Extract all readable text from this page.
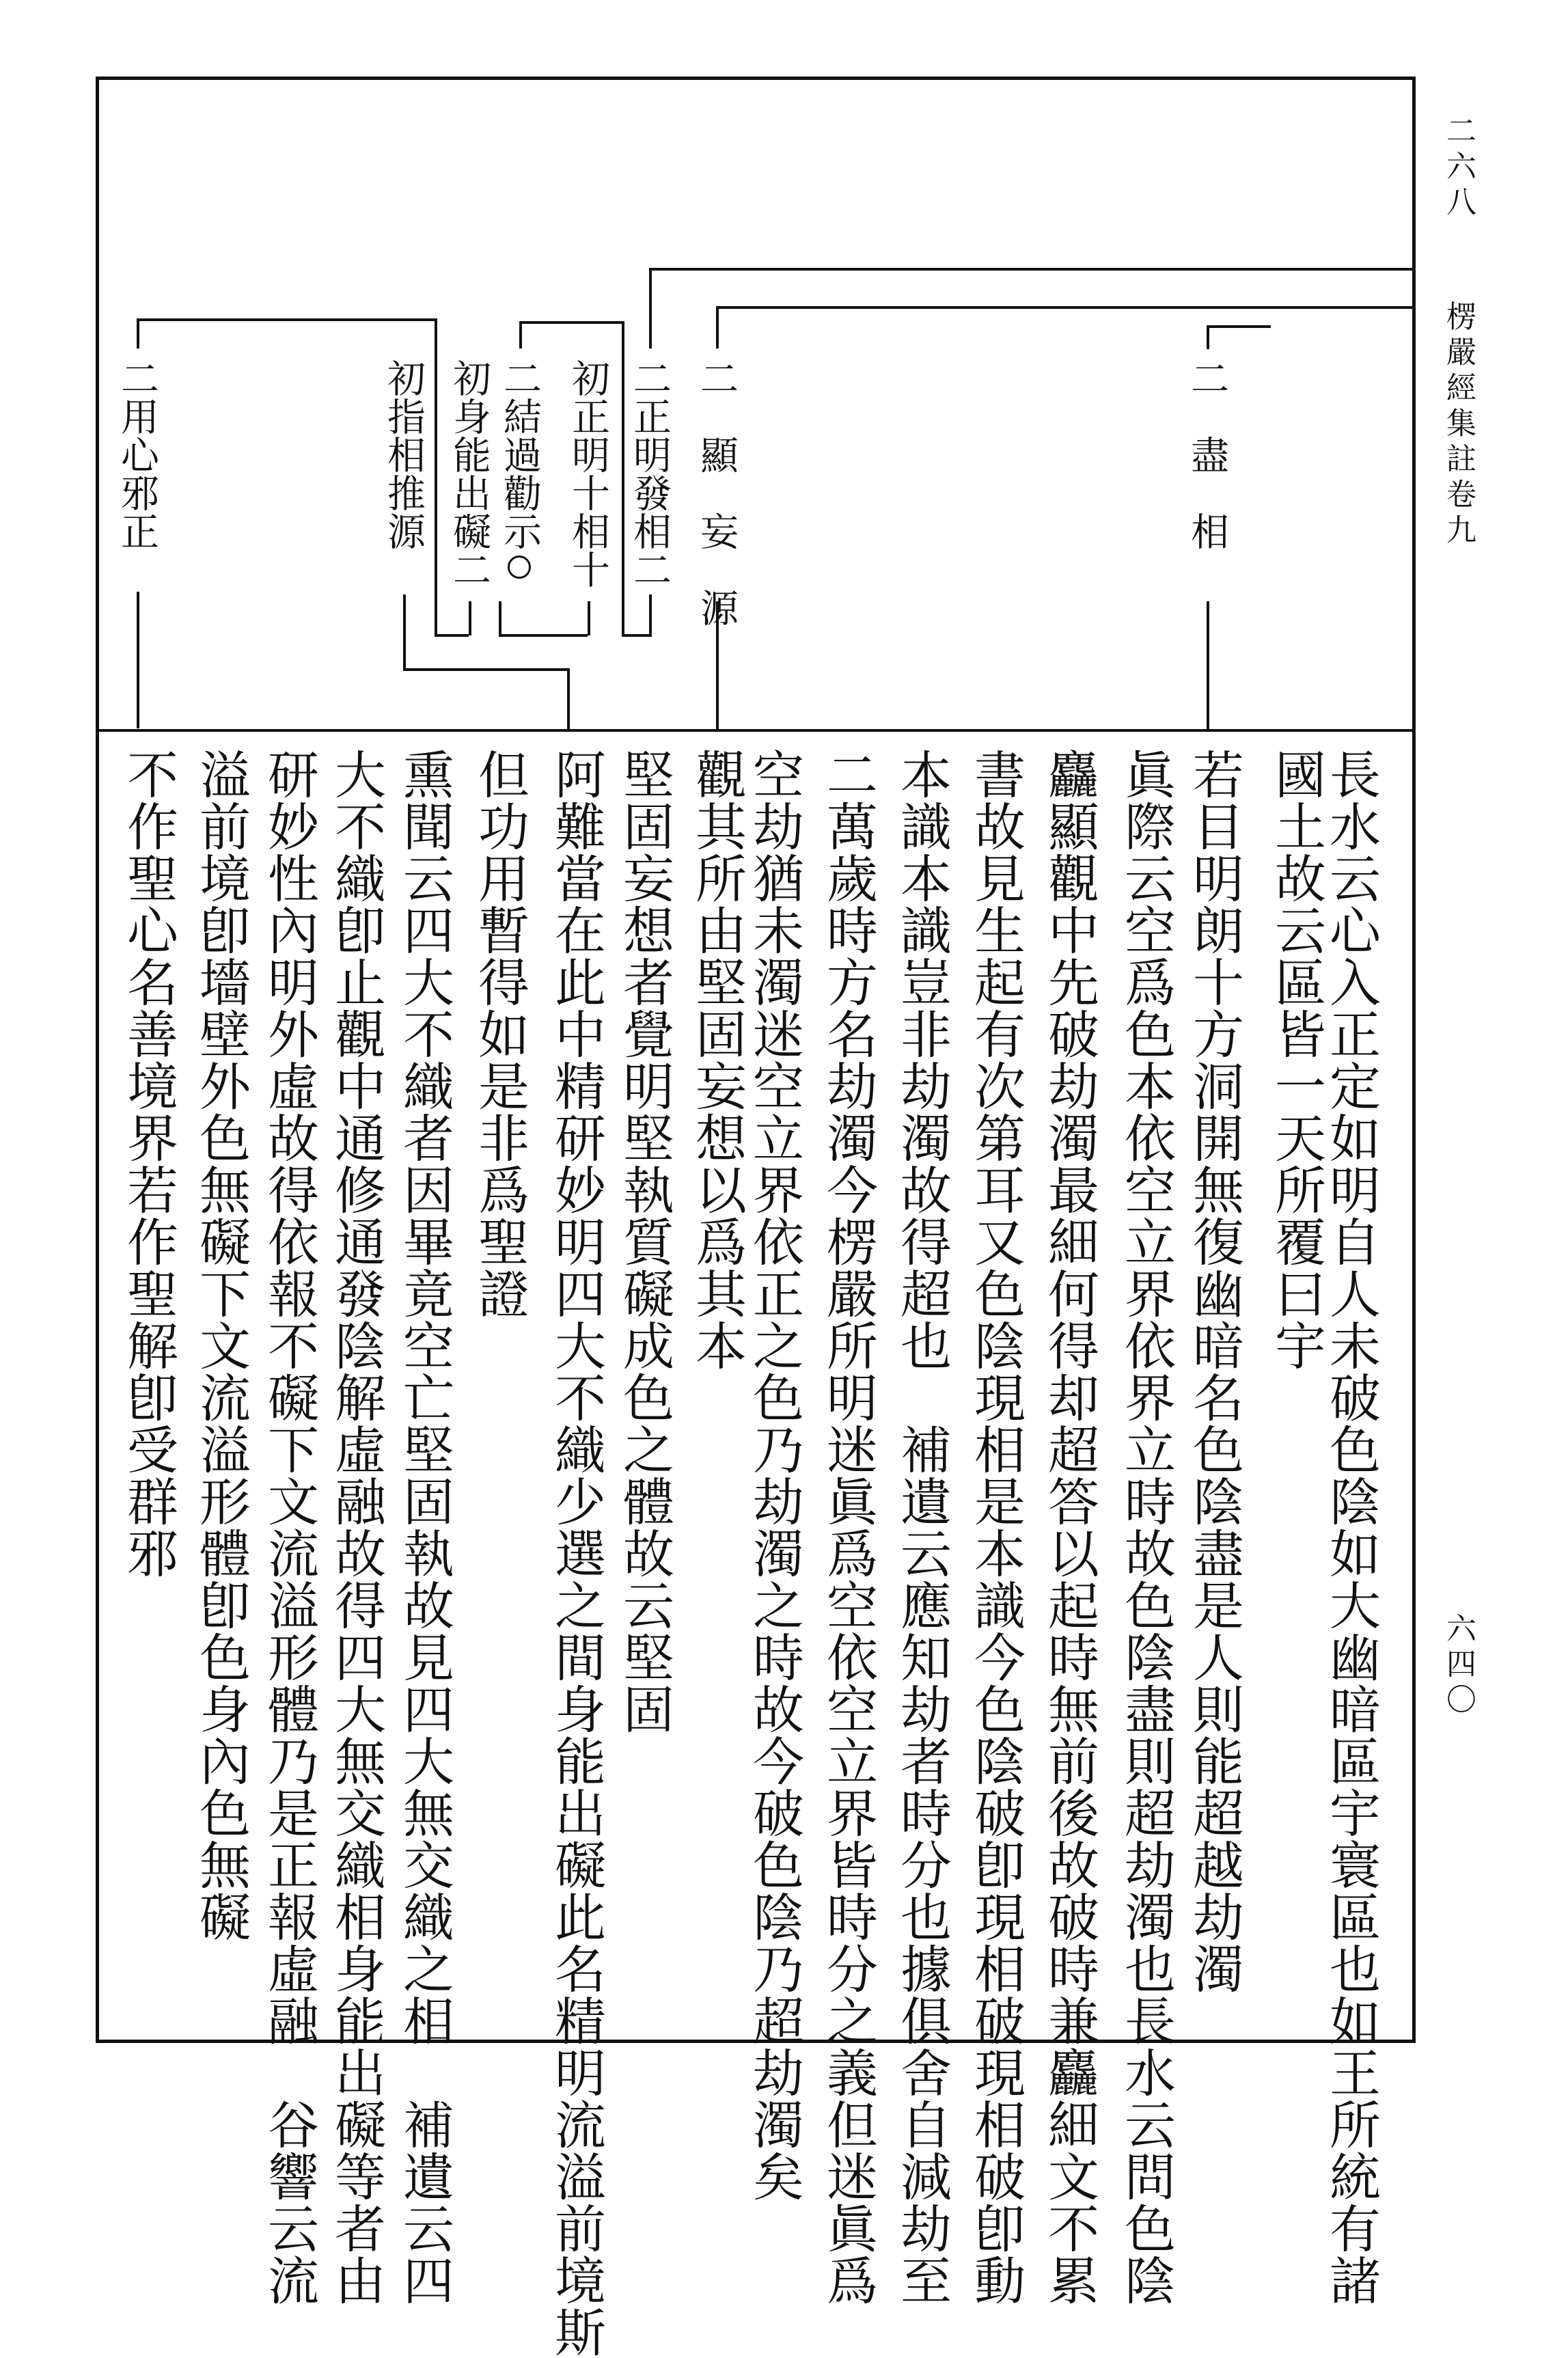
二六八
楞嚴經集註卷九
六四〇
二　盡　相
二　顯　妄　源
二正明發相二
初正明十相十
二結過勸示
初身能出礙二
初指相推源
二用心邪正
長水云心入正定如明自人未破色陰如大幽暗區宇寰區也如王所統有諸
國土故云區皆一天所覆曰宇
若目明朗十方洞開無復幽暗名色陰盡是人則能超越劫濁
眞際云空爲色本依空立界依界立時故色陰盡則超劫濁也長水云問色陰
麤顯觀中先破劫濁最細何得却超答以起時無前後故破時兼麤細文不累
書故見生起有次第耳又色陰現相是本識今色陰破卽現相破現相破卽動
本識本識豈非劫濁故得超也　補遺云應知劫者時分也據俱舍自減劫至
二萬歲時方名劫濁今楞嚴所明迷眞爲空依空立界皆時分之義但迷眞爲
空劫猶未濁迷空立界依正之色乃劫濁之時故今破色陰乃超劫濁矣
觀其所由堅固妄想以爲其本
堅固妄想者覺明堅執質礙成色之體故云堅固
阿難當在此中精研妙明四大不織少選之間身能出礙此名精明流溢前境斯
但功用暫得如是非爲聖證
熏聞云四大不織者因畢竟空亡堅固執故見四大無交織之相　補遺云四
大不織卽止觀中通修通發陰解虛融故得四大無交織相身能出礙等者由
研妙性內明外虛故得依報不礙下文流溢形體乃是正報虛融　谷響云流
溢前境卽墻壁外色無礙下文流溢形體卽色身內色無礙
不作聖心名善境界若作聖解卽受群邪
